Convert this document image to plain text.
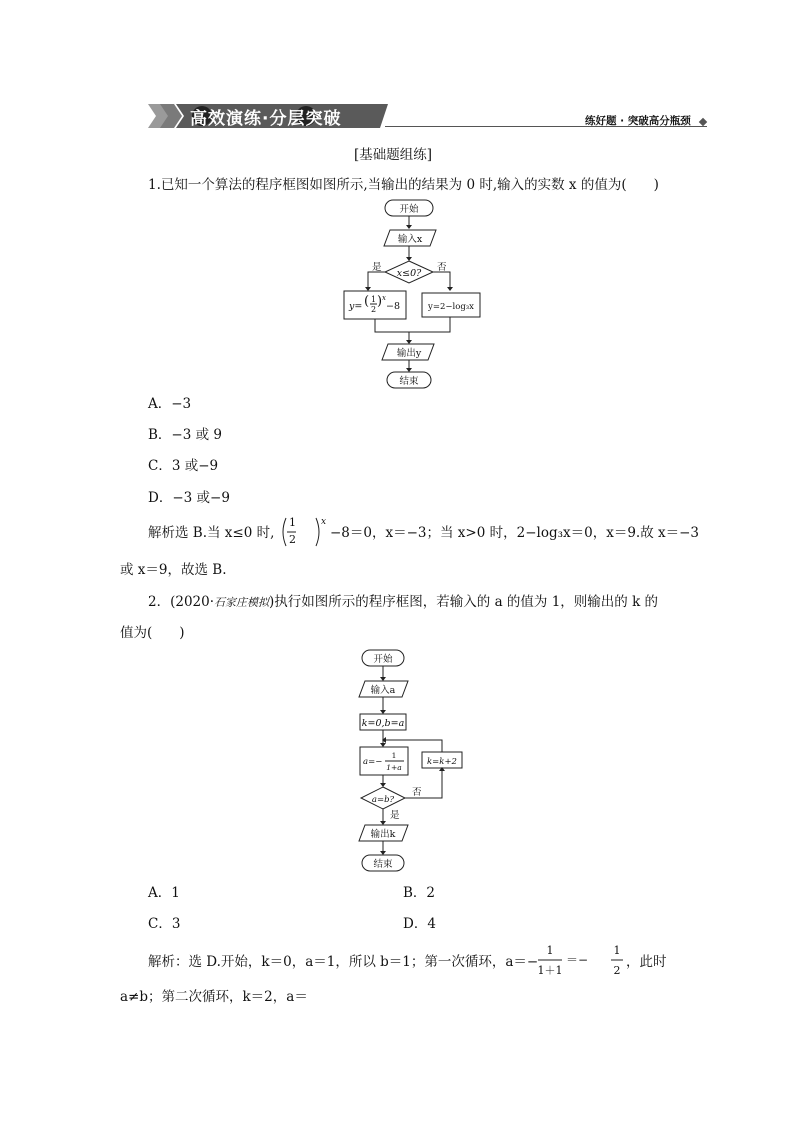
高效演练·分层突破	练好题 · 突破高分瓶颈
[基础题组练]
1.已知一个算法的程序框图如图所示,当输出的结果为 0 时,输入的实数 x 的值为(　　)
开始
输入x
x≤0?
是	否
y= ( 1
2
) x
−8	y=2−log₃x
输出y
结束
A．−3
B．−3 或 9
C．3 或−9
D．−3 或−9
解析选 B.当 x≤0 时,
1
2
x
−8＝0，x＝−3；当 x>0 时，2−log₃x＝0，x＝9.故 x＝−3
或 x＝9，故选 B.
2．(2020·石家庄模拟)执行如图所示的程序框图，若输入的 a 的值为 1，则输出的 k 的
值为(　　)
开始
输入a
k=0,b=a
a=−
1
1+a
k=k+2
a=b?
否
是
输出k
结束
A．1	B．2
C．3	D．4
解析：选 D.开始，k＝0，a＝1，所以 b＝1；第一次循环，a＝−
1
1＋1
＝−
1
2
，此时
a≠b；第二次循环，k＝2，a＝
